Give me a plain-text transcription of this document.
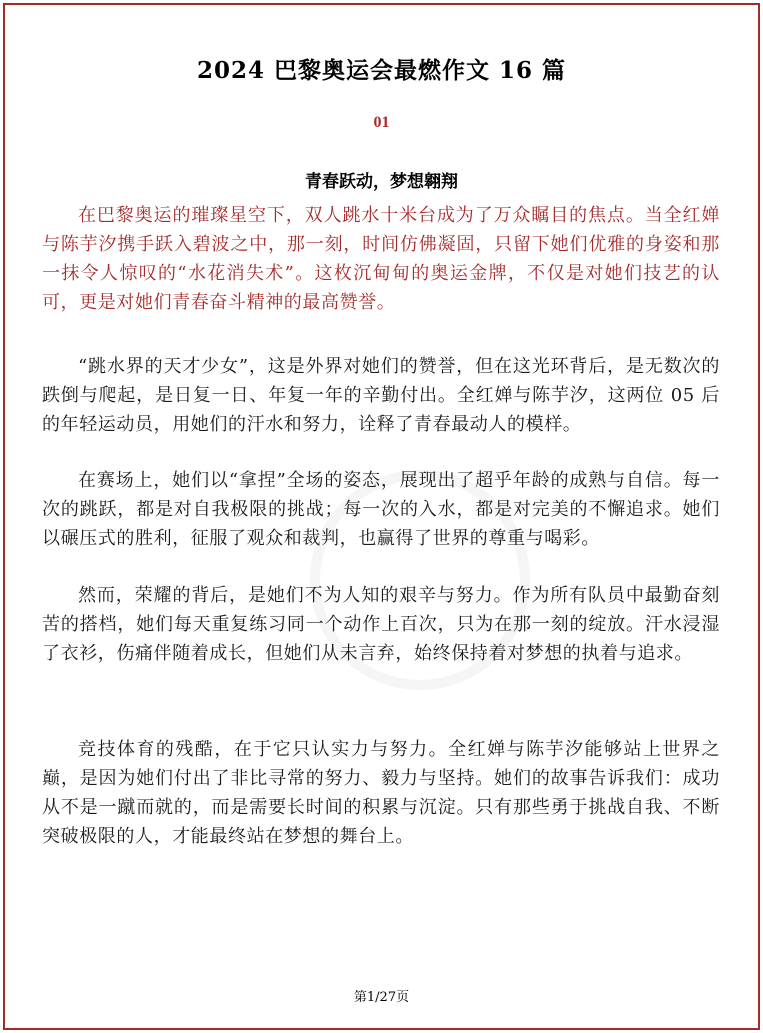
2024 巴黎奥运会最燃作文 16 篇
01
青春跃动，梦想翱翔

在巴黎奥运的璀璨星空下，双人跳水十米台成为了万众瞩目的焦点。当全红婵与陈芋汐携手跃入碧波之中，那一刻，时间仿佛凝固，只留下她们优雅的身姿和那一抹令人惊叹的“水花消失术”。这枚沉甸甸的奥运金牌，不仅是对她们技艺的认可，更是对她们青春奋斗精神的最高赞誉。

“跳水界的天才少女”，这是外界对她们的赞誉，但在这光环背后，是无数次的跌倒与爬起，是日复一日、年复一年的辛勤付出。全红婵与陈芋汐，这两位 05 后的年轻运动员，用她们的汗水和努力，诠释了青春最动人的模样。

在赛场上，她们以“拿捏”全场的姿态，展现出了超乎年龄的成熟与自信。每一次的跳跃，都是对自我极限的挑战；每一次的入水，都是对完美的不懈追求。她们以碾压式的胜利，征服了观众和裁判，也赢得了世界的尊重与喝彩。

然而，荣耀的背后，是她们不为人知的艰辛与努力。作为所有队员中最勤奋刻苦的搭档，她们每天重复练习同一个动作上百次，只为在那一刻的绽放。汗水浸湿了衣衫，伤痛伴随着成长，但她们从未言弃，始终保持着对梦想的执着与追求。

竞技体育的残酷，在于它只认实力与努力。全红婵与陈芋汐能够站上世界之巅，是因为她们付出了非比寻常的努力、毅力与坚持。她们的故事告诉我们：成功从不是一蹴而就的，而是需要长时间的积累与沉淀。只有那些勇于挑战自我、不断突破极限的人，才能最终站在梦想的舞台上。

第1/27页
